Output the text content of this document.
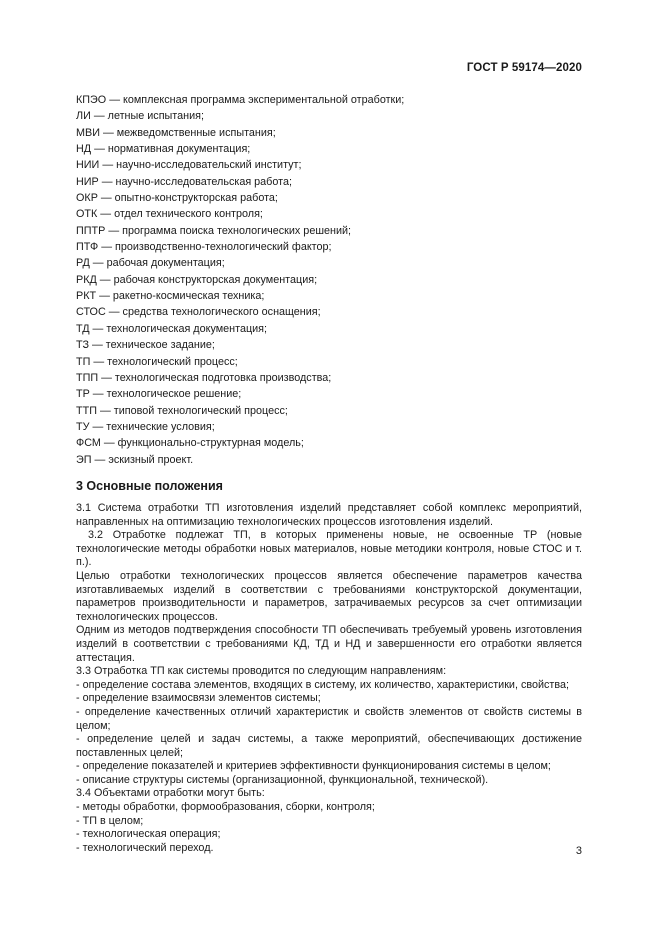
ГОСТ Р 59174—2020
КПЭО — комплексная программа экспериментальной отработки;
ЛИ — летные испытания;
МВИ — межведомственные испытания;
НД — нормативная документация;
НИИ — научно-исследовательский институт;
НИР — научно-исследовательская работа;
ОКР — опытно-конструкторская работа;
ОТК — отдел технического контроля;
ППТР — программа поиска технологических решений;
ПТФ — производственно-технологический фактор;
РД — рабочая документация;
РКД — рабочая конструкторская документация;
РКТ — ракетно-космическая техника;
СТОС — средства технологического оснащения;
ТД — технологическая документация;
ТЗ — техническое задание;
ТП — технологический процесс;
ТПП — технологическая подготовка производства;
ТР — технологическое решение;
ТТП — типовой технологический процесс;
ТУ — технические условия;
ФСМ — функционально-структурная модель;
ЭП — эскизный проект.
3 Основные положения

3.1 Система отработки ТП изготовления изделий представляет собой комплекс мероприятий, направленных на оптимизацию технологических процессов изготовления изделий.

3.2 Отработке подлежат ТП, в которых применены новые, не освоенные ТР (новые технологические методы обработки новых материалов, новые методики контроля, новые СТОС и т. п.).

Целью отработки технологических процессов является обеспечение параметров качества изготавливаемых изделий в соответствии с требованиями конструкторской документации, параметров производительности и параметров, затрачиваемых ресурсов за счет оптимизации технологических процессов.

Одним из методов подтверждения способности ТП обеспечивать требуемый уровень изготовления изделий в соответствии с требованиями КД, ТД и НД и завершенности его отработки является аттестация.

3.3 Отработка ТП как системы проводится по следующим направлениям:

- определение состава элементов, входящих в систему, их количество, характеристики, свойства;

- определение взаимосвязи элементов системы;

- определение качественных отличий характеристик и свойств элементов от свойств системы в целом;

- определение целей и задач системы, а также мероприятий, обеспечивающих достижение поставленных целей;

- определение показателей и критериев эффективности функционирования системы в целом;

- описание структуры системы (организационной, функциональной, технической).

3.4 Объектами отработки могут быть:

- методы обработки, формообразования, сборки, контроля;

- ТП в целом;

- технологическая операция;

- технологический переход.	3
